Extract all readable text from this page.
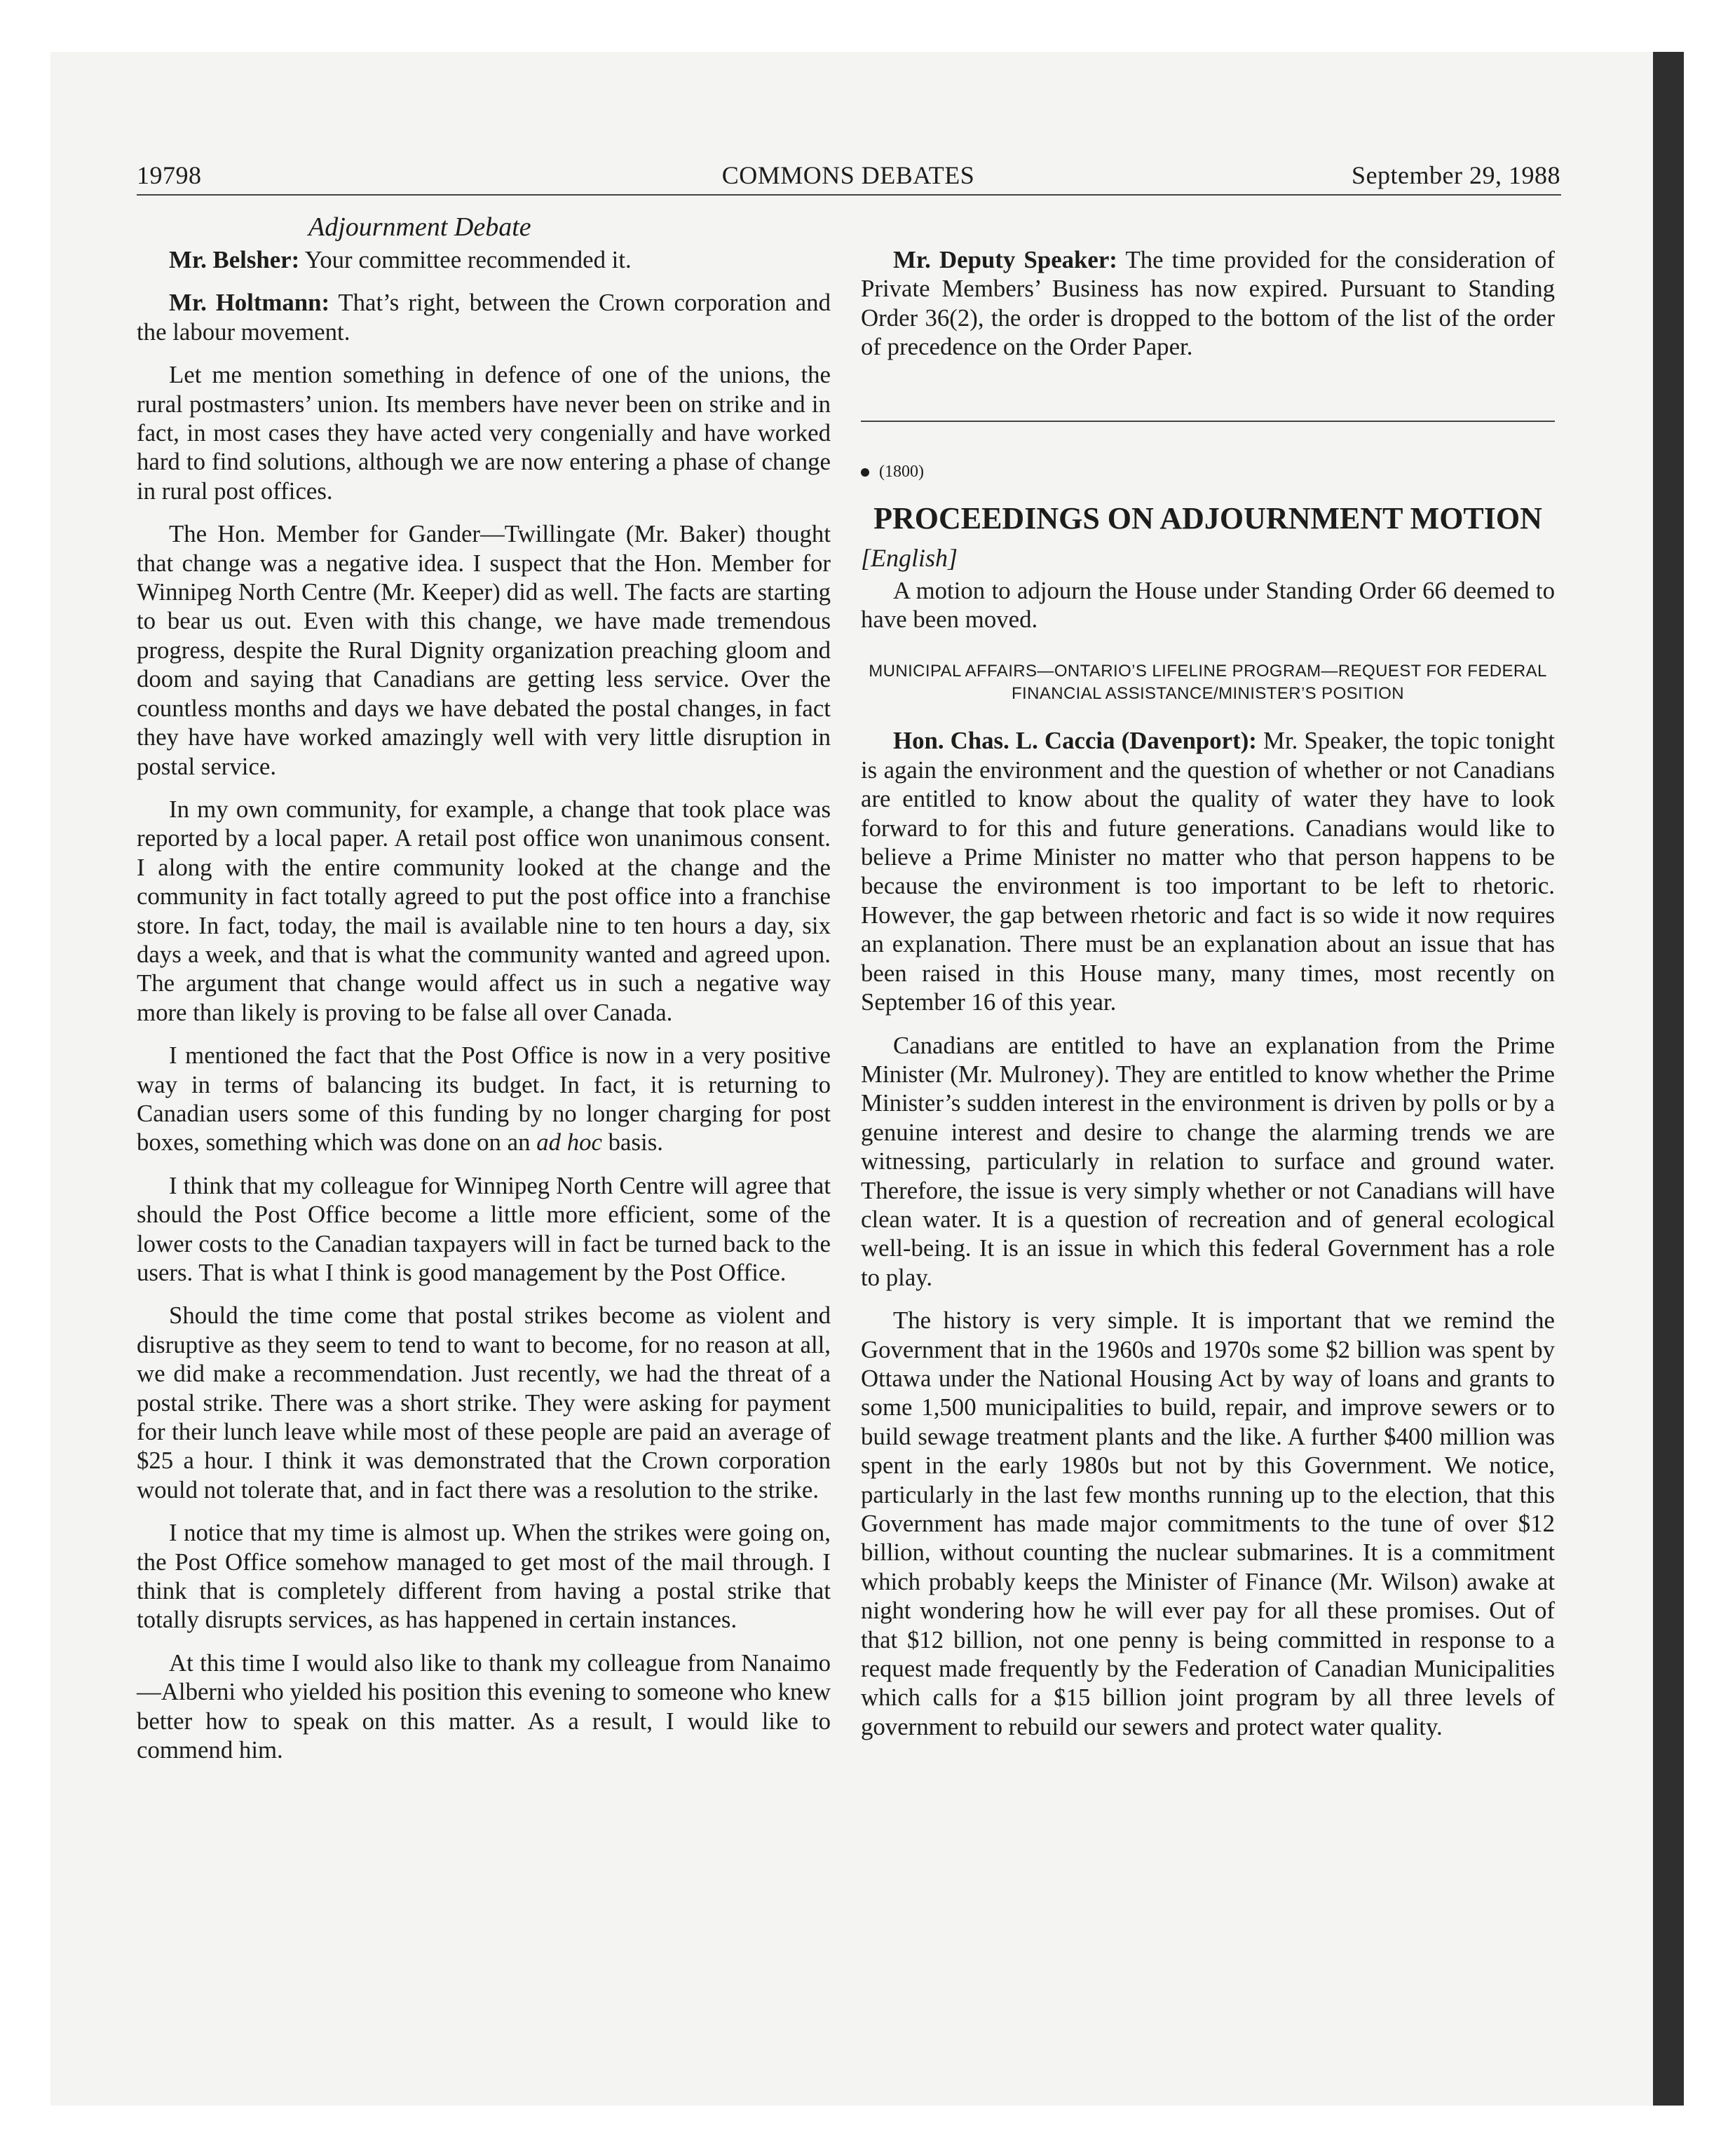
19798	COMMONS DEBATES	September 29, 1988
Adjournment Debate

Mr. Belsher: Your committee recommended it.

Mr. Holtmann: That’s right, between the Crown corporation and the labour movement.

Let me mention something in defence of one of the unions, the rural postmasters’ union. Its members have never been on strike and in fact, in most cases they have acted very congenially and have worked hard to find solutions, although we are now entering a phase of change in rural post offices.

The Hon. Member for Gander—Twillingate (Mr. Baker) thought that change was a negative idea. I suspect that the Hon. Member for Winnipeg North Centre (Mr. Keeper) did as well. The facts are starting to bear us out. Even with this change, we have made tremendous progress, despite the Rural Dignity organization preaching gloom and doom and saying that Canadians are getting less service. Over the countless months and days we have debated the postal changes, in fact they have have worked amazingly well with very little disruption in postal service.

In my own community, for example, a change that took place was reported by a local paper. A retail post office won unanimous consent. I along with the entire community looked at the change and the community in fact totally agreed to put the post office into a franchise store. In fact, today, the mail is available nine to ten hours a day, six days a week, and that is what the community wanted and agreed upon. The argument that change would affect us in such a negative way more than likely is proving to be false all over Canada.

I mentioned the fact that the Post Office is now in a very positive way in terms of balancing its budget. In fact, it is returning to Canadian users some of this funding by no longer charging for post boxes, something which was done on an ad hoc basis.

I think that my colleague for Winnipeg North Centre will agree that should the Post Office become a little more efficient, some of the lower costs to the Canadian taxpayers will in fact be turned back to the users. That is what I think is good management by the Post Office.

Should the time come that postal strikes become as violent and disruptive as they seem to tend to want to become, for no reason at all, we did make a recommendation. Just recently, we had the threat of a postal strike. There was a short strike. They were asking for payment for their lunch leave while most of these people are paid an average of $25 a hour. I think it was demonstrated that the Crown corporation would not tolerate that, and in fact there was a resolution to the strike.

I notice that my time is almost up. When the strikes were going on, the Post Office somehow managed to get most of the mail through. I think that is completely different from having a postal strike that totally disrupts services, as has happened in certain instances.

At this time I would also like to thank my colleague from Nanaimo—Alberni who yielded his position this evening to someone who knew better how to speak on this matter. As a result, I would like to commend him.

Mr. Deputy Speaker: The time provided for the consideration of Private Members’ Business has now expired. Pursuant to Standing Order 36(2), the order is dropped to the bottom of the list of the order of precedence on the Order Paper.

(1800)

PROCEEDINGS ON ADJOURNMENT MOTION

[English]

A motion to adjourn the House under Standing Order 66 deemed to have been moved.

MUNICIPAL AFFAIRS—ONTARIO’S LIFELINE PROGRAM—REQUEST FOR FEDERAL FINANCIAL ASSISTANCE/MINISTER’S POSITION

Hon. Chas. L. Caccia (Davenport): Mr. Speaker, the topic tonight is again the environment and the question of whether or not Canadians are entitled to know about the quality of water they have to look forward to for this and future generations. Canadians would like to believe a Prime Minister no matter who that person happens to be because the environment is too important to be left to rhetoric. However, the gap between rhetoric and fact is so wide it now requires an explanation. There must be an explanation about an issue that has been raised in this House many, many times, most recently on September 16 of this year.

Canadians are entitled to have an explanation from the Prime Minister (Mr. Mulroney). They are entitled to know whether the Prime Minister’s sudden interest in the environment is driven by polls or by a genuine interest and desire to change the alarming trends we are witnessing, particularly in relation to surface and ground water. Therefore, the issue is very simply whether or not Canadians will have clean water. It is a question of recreation and of general ecological well-being. It is an issue in which this federal Government has a role to play.

The history is very simple. It is important that we remind the Government that in the 1960s and 1970s some $2 billion was spent by Ottawa under the National Housing Act by way of loans and grants to some 1,500 municipalities to build, repair, and improve sewers or to build sewage treatment plants and the like. A further $400 million was spent in the early 1980s but not by this Government. We notice, particularly in the last few months running up to the election, that this Government has made major commitments to the tune of over $12 billion, without counting the nuclear submarines. It is a commitment which probably keeps the Minister of Finance (Mr. Wilson) awake at night wondering how he will ever pay for all these promises. Out of that $12 billion, not one penny is being committed in response to a request made frequently by the Federation of Canadian Municipalities which calls for a $15 billion joint program by all three levels of government to rebuild our sewers and protect water quality.
